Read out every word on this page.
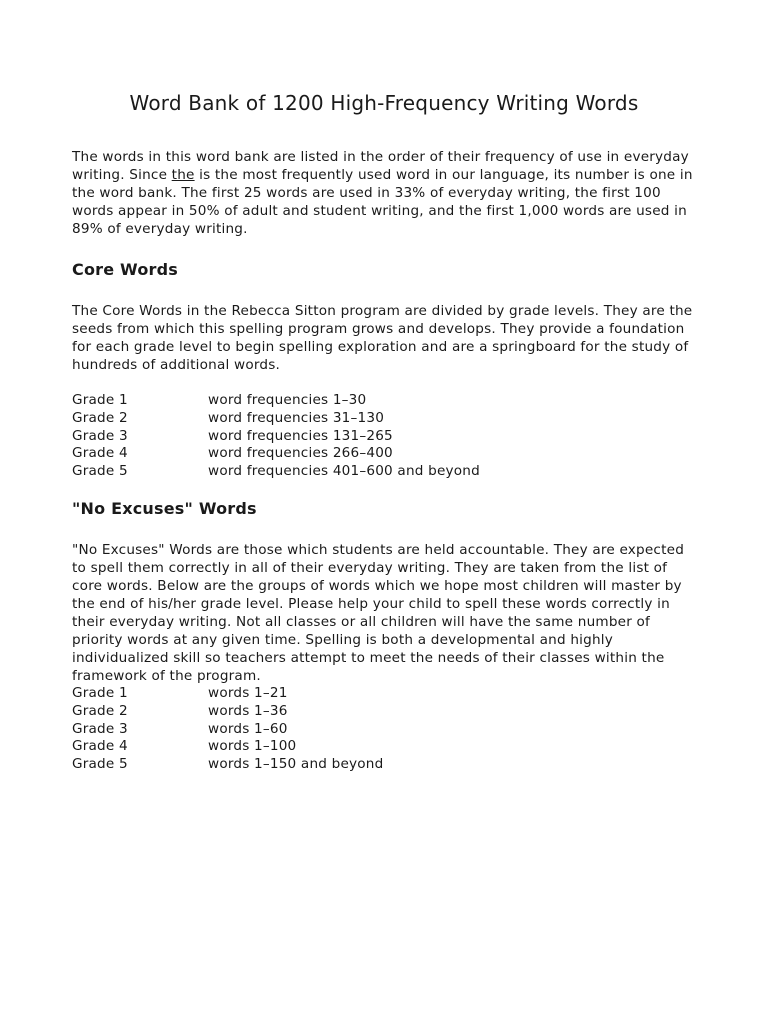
Word Bank of 1200 High-Frequency Writing Words

The words in this word bank are listed in the order of their frequency of use in everyday writing. Since the is the most frequently used word in our language, its number is one in the word bank. The first 25 words are used in 33% of everyday writing, the first 100 words appear in 50% of adult and student writing, and the first 1,000 words are used in 89% of everyday writing.

Core Words

The Core Words in the Rebecca Sitton program are divided by grade levels. They are the seeds from which this spelling program grows and develops. They provide a foundation for each grade level to begin spelling exploration and are a springboard for the study of hundreds of additional words.

Grade 1	word frequencies 1–30
Grade 2	word frequencies 31–130
Grade 3	word frequencies 131–265
Grade 4	word frequencies 266–400
Grade 5	word frequencies 401–600 and beyond
"No Excuses" Words

"No Excuses" Words are those which students are held accountable. They are expected to spell them correctly in all of their everyday writing. They are taken from the list of core words. Below are the groups of words which we hope most children will master by the end of his/her grade level. Please help your child to spell these words correctly in their everyday writing. Not all classes or all children will have the same number of priority words at any given time. Spelling is both a developmental and highly individualized skill so teachers attempt to meet the needs of their classes within the framework of the program.

Grade 1	words 1–21
Grade 2	words 1–36
Grade 3	words 1–60
Grade 4	words 1–100
Grade 5	words 1–150 and beyond
